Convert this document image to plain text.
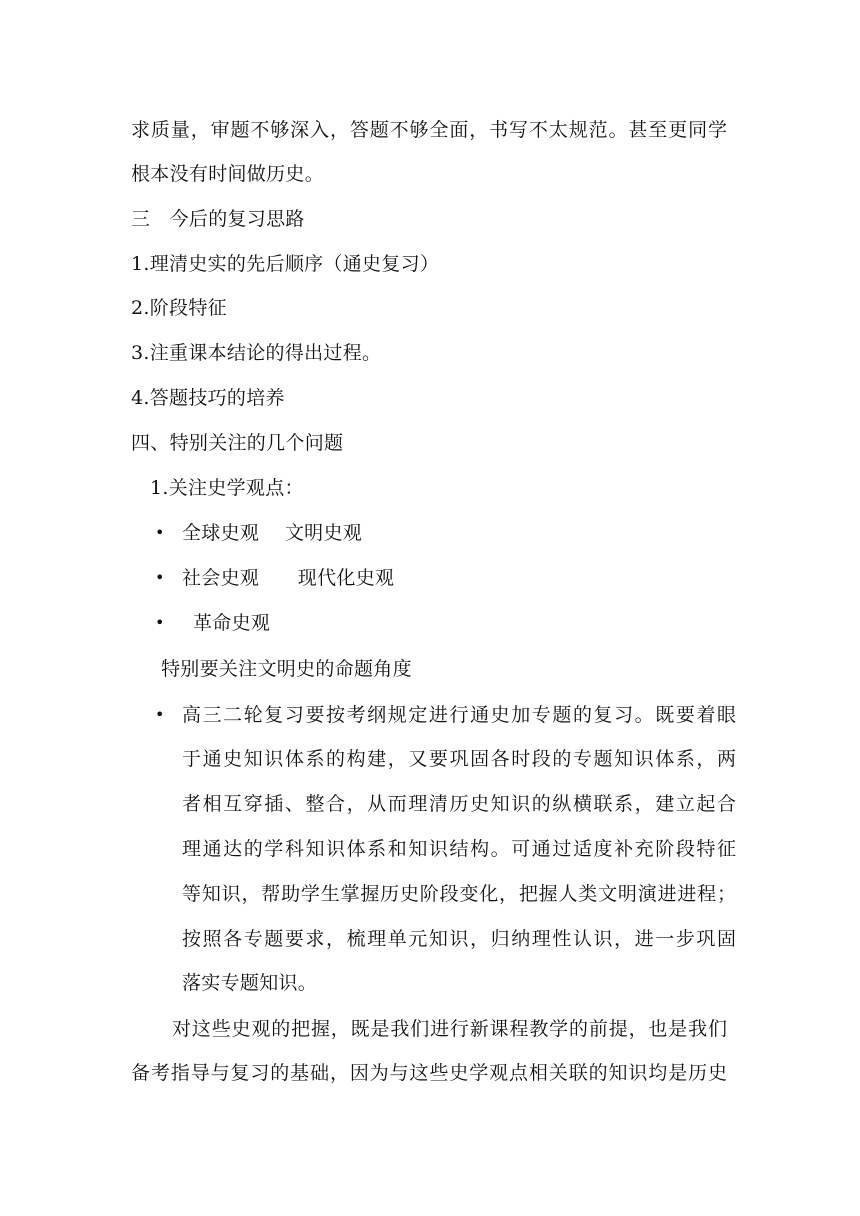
求质量，审题不够深入，答题不够全面，书写不太规范。甚至更同学
根本没有时间做历史。
三　今后的复习思路
1.理清史实的先后顺序（通史复习）
2.阶段特征
3.注重课本结论的得出过程。
4.答题技巧的培养
四、特别关注的几个问题
1.关注史学观点：
• 全球史观　 文明史观
• 社会史观　　现代化史观
• 革命史观
特别要关注文明史的命题角度
• 高三二轮复习要按考纲规定进行通史加专题的复习。既要着眼
于通史知识体系的构建，又要巩固各时段的专题知识体系，两
者相互穿插、整合，从而理清历史知识的纵横联系，建立起合
理通达的学科知识体系和知识结构。可通过适度补充阶段特征
等知识，帮助学生掌握历史阶段变化，把握人类文明演进进程；
按照各专题要求，梳理单元知识，归纳理性认识，进一步巩固
落实专题知识。
对这些史观的把握，既是我们进行新课程教学的前提，也是我们
备考指导与复习的基础，因为与这些史学观点相关联的知识均是历史
